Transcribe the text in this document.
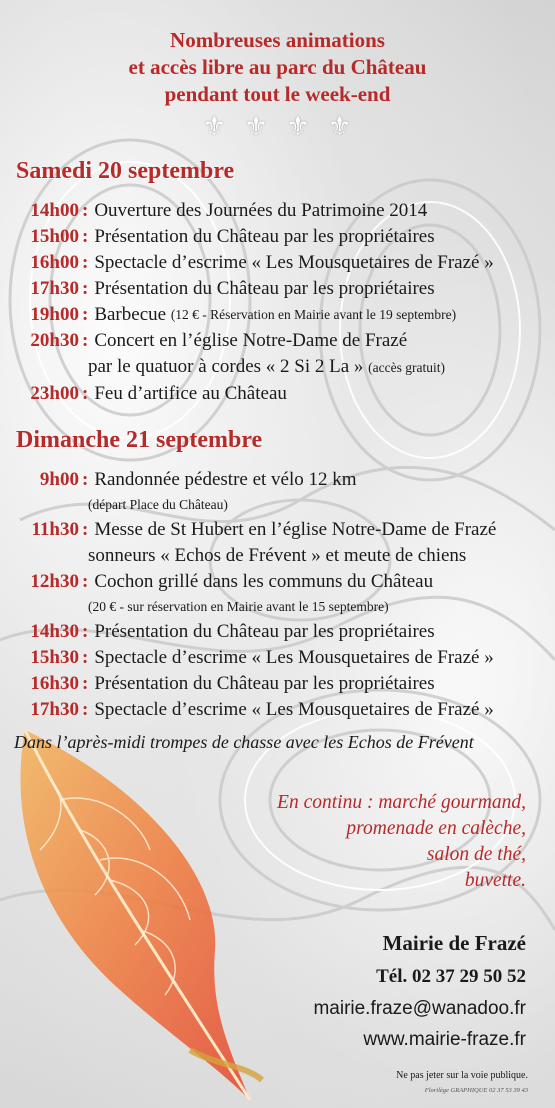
Nombreuses animations
et accès libre au parc du Château
pendant tout le week-end
⚜ ⚜ ⚜ ⚜
Samedi 20 septembre
14h00 : Ouverture des Journées du Patrimoine 2014
15h00 : Présentation du Château par les propriétaires
16h00 : Spectacle d’escrime « Les Mousquetaires de Frazé »
17h30 : Présentation du Château par les propriétaires
19h00 : Barbecue
(12 € - Réservation en Mairie avant le 19 septembre)
20h30 : Concert en l’église Notre-Dame de Frazé
par le quatuor à cordes « 2 Si 2 La » (accès gratuit)
23h00 : Feu d’artifice au Château
Dimanche 21 septembre
9h00 : Randonnée pédestre et vélo 12 km
(départ Place du Château)
11h30 : Messe de St Hubert en l’église Notre-Dame de Frazé
sonneurs « Echos de Frévent » et meute de chiens
12h30 : Cochon grillé dans les communs du Château
(20 € - sur réservation en Mairie avant le 15 septembre)
14h30 : Présentation du Château par les propriétaires
15h30 : Spectacle d’escrime « Les Mousquetaires de Frazé »
16h30 : Présentation du Château par les propriétaires
17h30 : Spectacle d’escrime « Les Mousquetaires de Frazé »
Dans l’après-midi trompes de chasse avec les Echos de Frévent
En continu : marché gourmand,
promenade en calèche,
salon de thé,
buvette.
Mairie de Frazé
Tél. 02 37 29 50 52
mairie.fraze@wanadoo.fr
www.mairie-fraze.fr
Ne pas jeter sur la voie publique.
Florilège GRAPHIQUE 02 37 53 39 43
